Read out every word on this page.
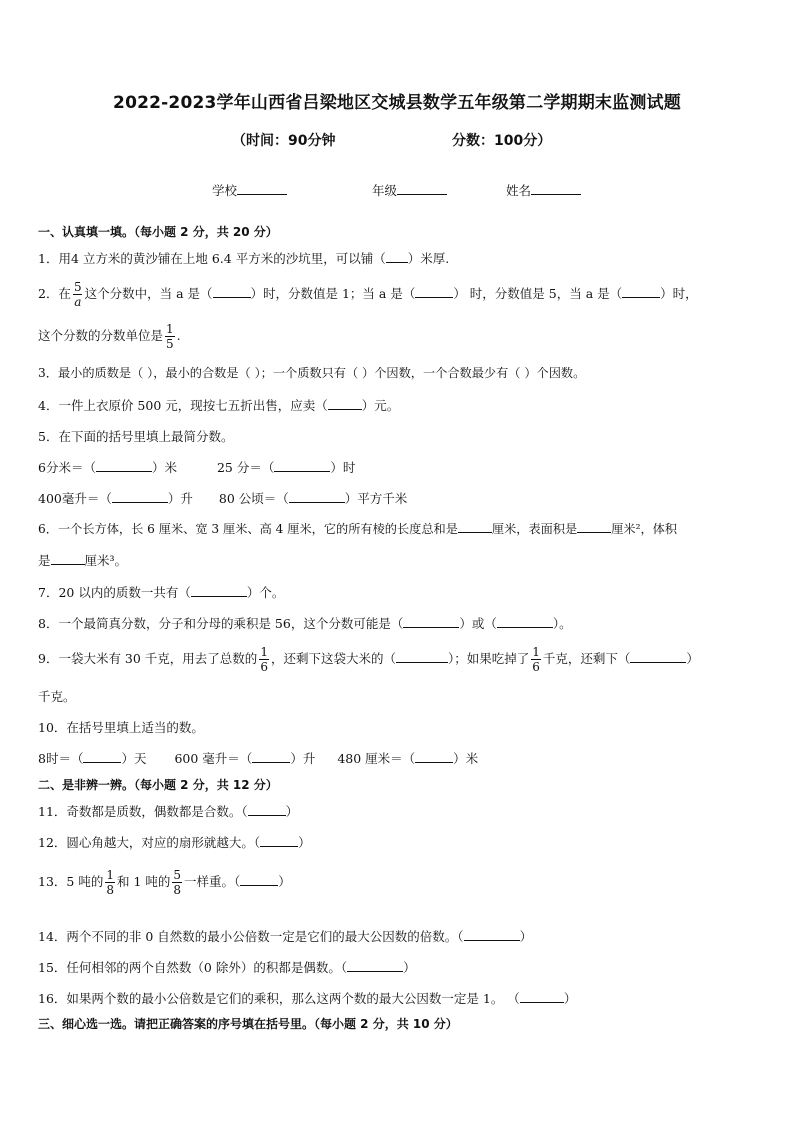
2022-2023学年山西省吕梁地区交城县数学五年级第二学期期末监测试题
（时间：90分钟	分数：100分）
学校	年级	姓名
一、认真填一填。（每小题 2 分，共 20 分）
1．用4 立方米的黄沙铺在上地 6.4 平方米的沙坑里，可以铺（ ）米厚.
2．在 $\frac{5}{a}$ 这个分数中，当 a 是（	）时，分数值是 1；当 a 是（	） 时，分数值是 5，当 a 是（	）时，
这个分数的分数单位是 $\frac{1}{5}$ .
3．最小的质数是（ ），最小的合数是（ ）；一个质数只有（ ）个因数，一个合数最少有（ ）个因数。
4．一件上衣原价 500 元，现按七五折出售，应卖（	）元。
5．在下面的括号里填上最简分数。
6分米＝（	）米	25 分＝（	）时
400毫升＝（	）升 80 公顷＝（	）平方千米
6．一个长方体，长 6 厘米、宽 3 厘米、高 4 厘米，它的所有棱的长度总和是	厘米，表面积是	厘米²，体积
是	厘米³。
7．20 以内的质数一共有（	）个。
8．一个最简真分数，分子和分母的乘积是 56，这个分数可能是（	）或（	）。
9．一袋大米有 30 千克，用去了总数的 $\frac{1}{6}$ ，还剩下这袋大米的（	）；如果吃掉了 $\frac{1}{6}$ 千克，还剩下（	）
千克。
10．在括号里填上适当的数。
8时＝（	）天 600 毫升＝（	）升 480 厘米＝（	）米
二、是非辨一辨。（每小题 2 分，共 12 分）
11．奇数都是质数，偶数都是合数。（	）
12．圆心角越大，对应的扇形就越大。（	）
13．5 吨的 $\frac{1}{8}$ 和 1 吨的 $\frac{5}{8}$ 一样重。（	）
14．两个不同的非 0 自然数的最小公倍数一定是它们的最大公因数的倍数。（	）
15．任何相邻的两个自然数（0 除外）的积都是偶数。（	）
16．如果两个数的最小公倍数是它们的乘积，那么这两个数的最大公因数一定是 1。 （	）
三、细心选一选。请把正确答案的序号填在括号里。（每小题 2 分，共 10 分）
